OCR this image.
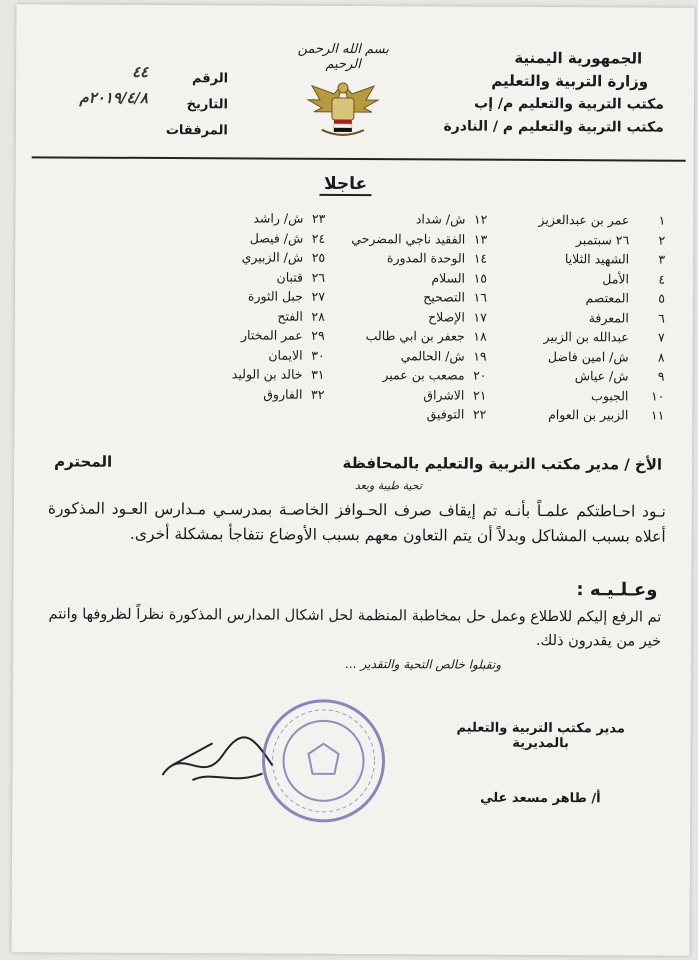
الجمهورية اليمنية
وزارة التربية والتعليم
مكتب التربية والتعليم م/ إب
مكتب التربية والتعليم م / النادرة
بسم الله الرحمن الرحيم
الرقم
٤٤
التاريخ
٢٠١٩/٤/٨م
المرفقات
عاجلا
١عمر بن عبدالعزيز
٢٢٦ سبتمبر
٣الشهيد الثلايا
٤الأمل
٥المعتصم
٦المعرفة
٧عبدالله بن الزبير
٨ش/ امين فاضل
٩ش/ عياش
١٠الجبوب
١١الزبير بن العوام
١٢ش/ شداد
١٣الفقيد ناجي المضرحي
١٤الوحدة المدورة
١٥السلام
١٦التصحيح
١٧الإصلاح
١٨جعفر بن ابي طالب
١٩ش/ الحالمي
٢٠مصعب بن عمير
٢١الاشراق
٢٢التوفيق
٢٣ش/ راشد
٢٤ش/ فيصل
٢٥ش/ الزبيري
٢٦قتبان
٢٧جبل الثورة
٢٨الفتح
٢٩عمر المختار
٣٠الايمان
٣١خالد بن الوليد
٣٢الفاروق
الأخ / مدير مكتب التربية والتعليم بالمحافظة
المحترم
تحية طيبة وبعد
نـود احـاطتكم علمـاً بأنـه تم إيقاف صرف الحـوافز الخاصـة بمدرسـي مـدارس العـود المذكورة أعلاه بسبب المشاكل وبدلاً أن يتم التعاون معهم بسبب الأوضاع نتفاجأ بمشكلة أخرى.
وعـلـيـه :
تم الرفع إليكم للاطلاع وعمل حل بمخاطبة المنظمة لحل اشكال المدارس المذكورة نظراً لظروفها وانتم خير من يقدرون ذلك.
وتقبلوا خالص التحية والتقدير ...
مدير مكتب التربية والتعليم بالمديرية
أ/ طاهر مسعد علي
